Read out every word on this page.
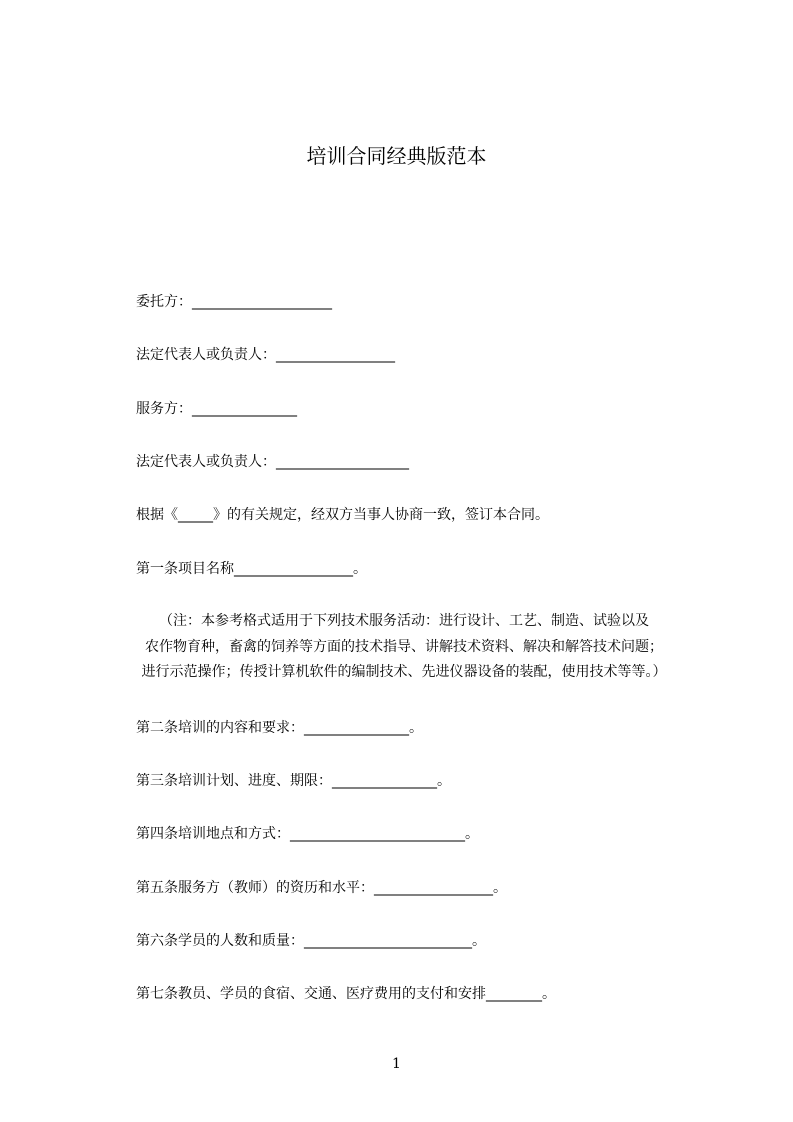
培训合同经典版范本
委托方：____________________
法定代表人或负责人：_________________
服务方：_______________
法定代表人或负责人：___________________
根据《_____》的有关规定，经双方当事人协商一致，签订本合同。
第一条项目名称_________________。
（注：本参考格式适用于下列技术服务活动：进行设计、工艺、制造、试验以及
农作物育种，畜禽的饲养等方面的技术指导、讲解技术资料、解决和解答技术问题；
进行示范操作；传授计算机软件的编制技术、先进仪器设备的装配，使用技术等等。）
第二条培训的内容和要求：_______________。
第三条培训计划、进度、期限：_______________。
第四条培训地点和方式：_________________________。
第五条服务方（教师）的资历和水平：_________________。
第六条学员的人数和质量：________________________。
第七条教员、学员的食宿、交通、医疗费用的支付和安排________。
1
